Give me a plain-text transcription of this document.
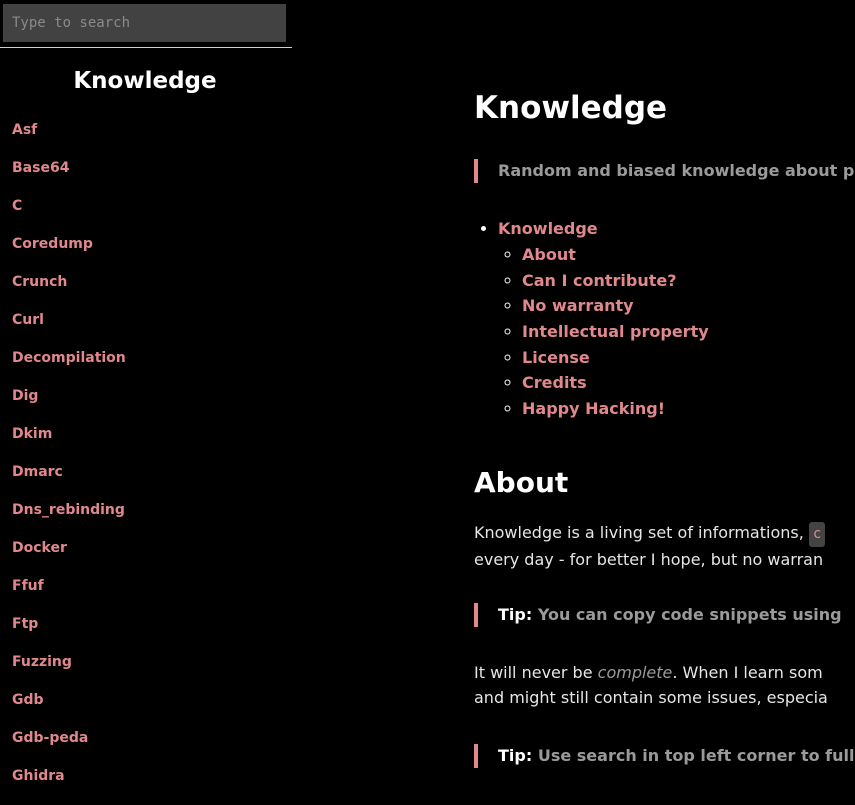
Type to search
Knowledge
Asf
Base64
C
Coredump
Crunch
Curl
Decompilation
Dig
Dkim
Dmarc
Dns_rebinding
Docker
Ffuf
Ftp
Fuzzing
Gdb
Gdb-peda
Ghidra
Knowledge
Random and biased knowledge about p
• Knowledge
◦ About
◦ Can I contribute?
◦ No warranty
◦ Intellectual property
◦ License
◦ Credits
◦ Happy Hacking!
About
Knowledge is a living set of informations, c
every day - for better I hope, but no warran
Tip: You can copy code snippets using
It will never be complete. When I learn som
and might still contain some issues, especia
Tip: Use search in top left corner to full
